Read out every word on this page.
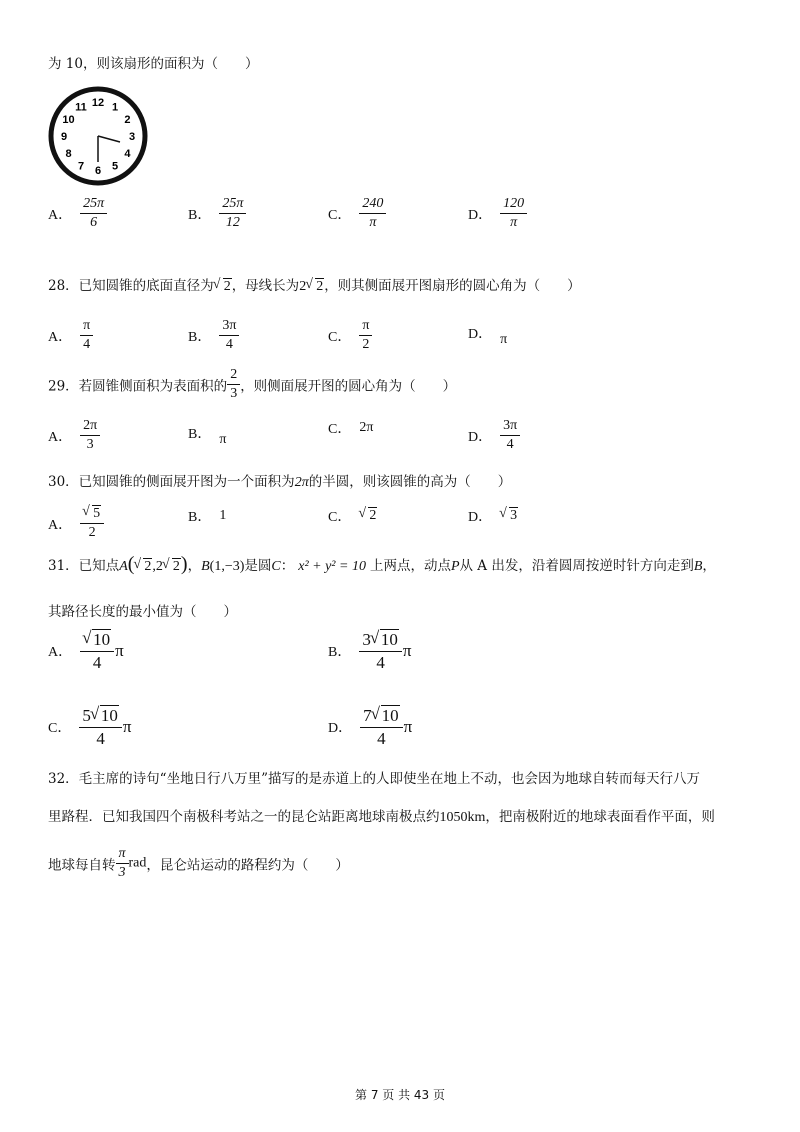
为 10，则该扇形的面积为（　　）
12 1
2
3
4
5
6
7
8
9
10
11
A． $\frac{25\pi}{6}$	B． $\frac{25\pi}{12}$	C． $\frac{240}{\pi}$	D． $\frac{120}{\pi}$
28．已知圆锥的底面直径为 √ 2，母线长为2 √ 2，则其侧面展开图扇形的圆心角为（　　）
A． $\frac{\pi}{4}$	B． $\frac{3\pi}{4}$	C． $\frac{\pi}{2}$	D． π
29．若圆锥侧面积为表面积的 $\frac{2}{3}$ ，则侧面展开图的圆心角为（　　）
A． $\frac{2\pi}{3}$	B． π
C． 2π
D． $\frac{3\pi}{4}$
30．已知圆锥的侧面展开图为一个面积为2π的半圆，则该圆锥的高为（　　）
A． √ $\frac{5}{2}$	B． 1	C．	√ 2	D．	√ 3
31．已知点A( √ 2,2 √ 2)，B(1,−3)是圆C： x² + y² = 10 上两点，动点P从 A 出发，沿着圆周按逆时针方向走到B，
其路径长度的最小值为（　　）
A． √ $\frac{10}{4}$ π	B． $\frac{3 √ 10}{4}$ π
C． $\frac{5 √ 10}{4}$ π	D． $\frac{7 √ 10}{4}$ π
32．毛主席的诗句“坐地日行八万里”描写的是赤道上的人即使坐在地上不动，也会因为地球自转而每天行八万
里路程．已知我国四个南极科考站之一的昆仑站距离地球南极点约1050km，把南极附近的地球表面看作平面，则
地球每自转 $\frac{\pi}{3}$ rad，昆仑站运动的路程约为（　　）
第 7 页 共 43 页
